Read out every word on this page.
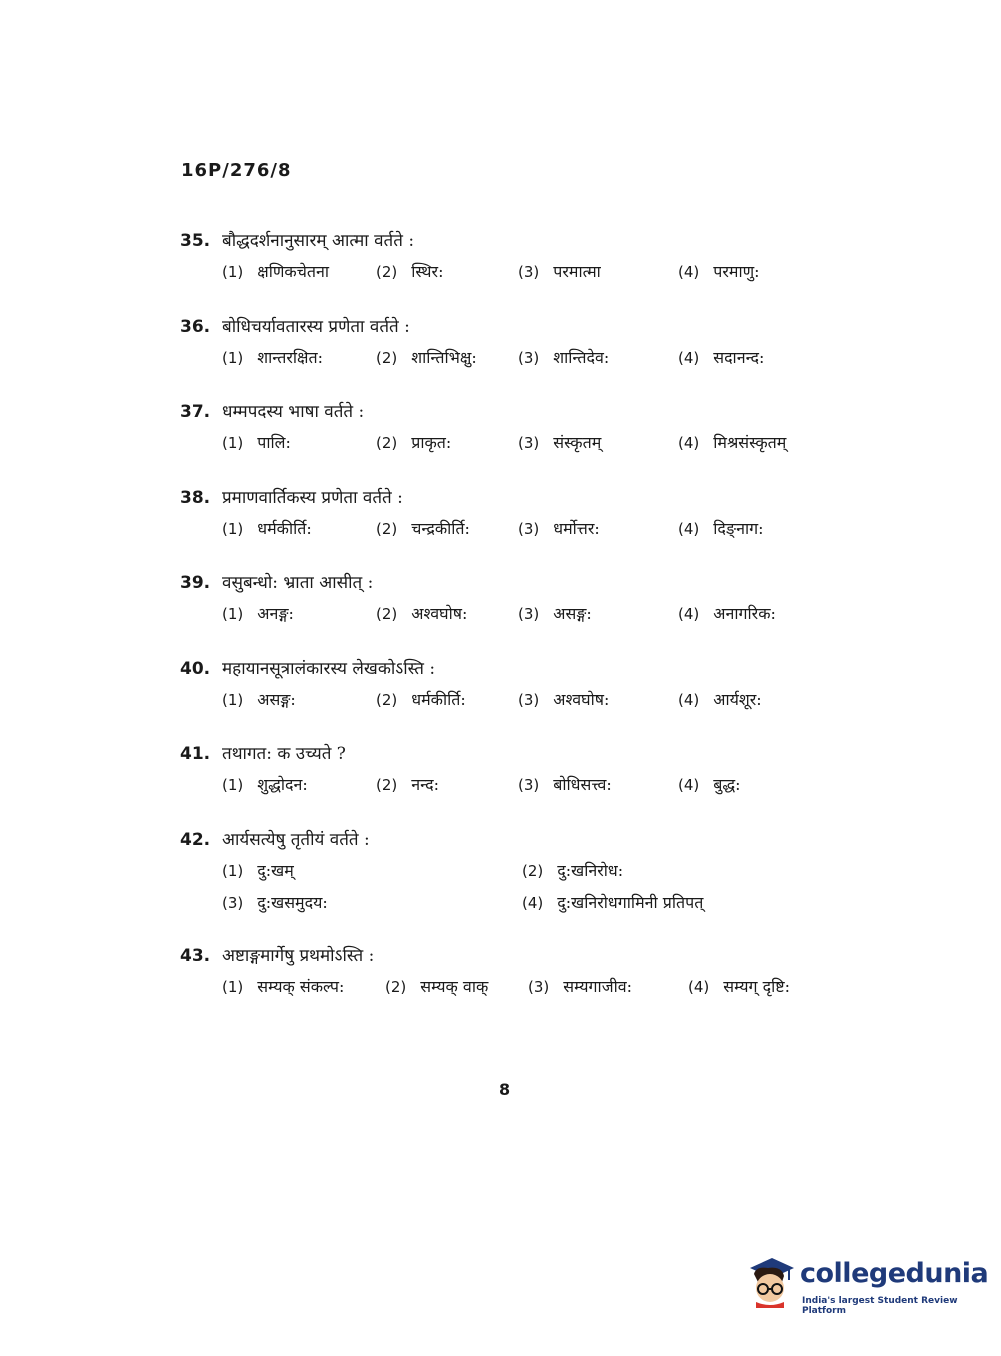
16P/276/8
35. बौद्धदर्शनानुसारम् आत्मा वर्तते :
(1) क्षणिकचेतना	(2) स्थिर:	(3) परमात्मा	(4) परमाणु:
36. बोधिचर्यावतारस्य प्रणेता वर्तते :
(1) शान्तरक्षित:	(2) शान्तिभिक्षु:	(3) शान्तिदेव:	(4) सदानन्द:
37. धम्मपदस्य भाषा वर्तते :
(1) पालि:	(2) प्राकृत:	(3) संस्कृतम्	(4) मिश्रसंस्कृतम्
38. प्रमाणवार्तिकस्य प्रणेता वर्तते :
(1) धर्मकीर्ति:	(2) चन्द्रकीर्ति:	(3) धर्मोत्तर:	(4) दिङ्नाग:
39. वसुबन्धो: भ्राता आसीत् :
(1) अनङ्ग:	(2) अश्वघोष:	(3) असङ्ग:	(4) अनागरिक:
40. महायानसूत्रालंकारस्य लेखकोऽस्ति :
(1) असङ्ग:	(2) धर्मकीर्ति:	(3) अश्वघोष:	(4) आर्यशूर:
41. तथागत: क उच्यते ?
(1) शुद्धोदन:	(2) नन्द:	(3) बोधिसत्त्व:	(4) बुद्ध:
42. आर्यसत्येषु तृतीयं वर्तते :
(1) दु:खम्	(2) दु:खनिरोध:
(3) दु:खसमुदय:	(4) दु:खनिरोधगामिनी प्रतिपत्
43. अष्टाङ्गमार्गेषु प्रथमोऽस्ति :
(1) सम्यक् संकल्प:	(2) सम्यक् वाक्	(3) सम्यगाजीव:	(4) सम्यग् दृष्टि:
8
collegedunia
India's largest Student Review Platform
